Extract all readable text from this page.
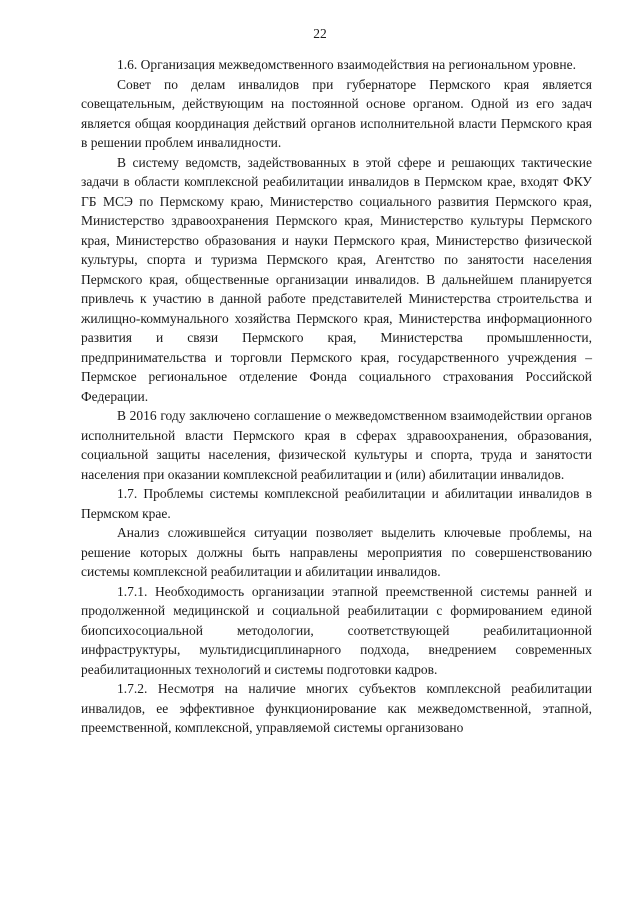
22

1.6. Организация межведомственного взаимодействия на региональном уровне.

Совет по делам инвалидов при губернаторе Пермского края является совещательным, действующим на постоянной основе органом. Одной из его задач является общая координация действий органов исполнительной власти Пермского края в решении проблем инвалидности.

В систему ведомств, задействованных в этой сфере и решающих тактические задачи в области комплексной реабилитации инвалидов в Пермском крае, входят ФКУ ГБ МСЭ по Пермскому краю, Министерство социального развития Пермского края, Министерство здравоохранения Пермского края, Министерство культуры Пермского края, Министерство образования и науки Пермского края, Министерство физической культуры, спорта и туризма Пермского края, Агентство по занятости населения Пермского края, общественные организации инвалидов. В дальнейшем планируется привлечь к участию в данной работе представителей Министерства строительства и жилищно-коммунального хозяйства Пермского края, Министерства информационного развития и связи Пермского края, Министерства промышленности, предпринимательства и торговли Пермского края, государственного учреждения – Пермское региональное отделение Фонда социального страхования Российской Федерации.

В 2016 году заключено соглашение о межведомственном взаимодействии органов исполнительной власти Пермского края в сферах здравоохранения, образования, социальной защиты населения, физической культуры и спорта, труда и занятости населения при оказании комплексной реабилитации и (или) абилитации инвалидов.

1.7. Проблемы системы комплексной реабилитации и абилитации инвалидов в Пермском крае.

Анализ сложившейся ситуации позволяет выделить ключевые проблемы, на решение которых должны быть направлены мероприятия по совершенствованию системы комплексной реабилитации и абилитации инвалидов.

1.7.1. Необходимость организации этапной преемственной системы ранней и продолженной медицинской и социальной реабилитации с формированием единой биопсихосоциальной методологии, соответствующей реабилитационной инфраструктуры, мультидисциплинарного подхода, внедрением современных реабилитационных технологий и системы подготовки кадров.

1.7.2. Несмотря на наличие многих субъектов комплексной реабилитации инвалидов, ее эффективное функционирование как межведомственной, этапной, преемственной, комплексной, управляемой системы организовано
